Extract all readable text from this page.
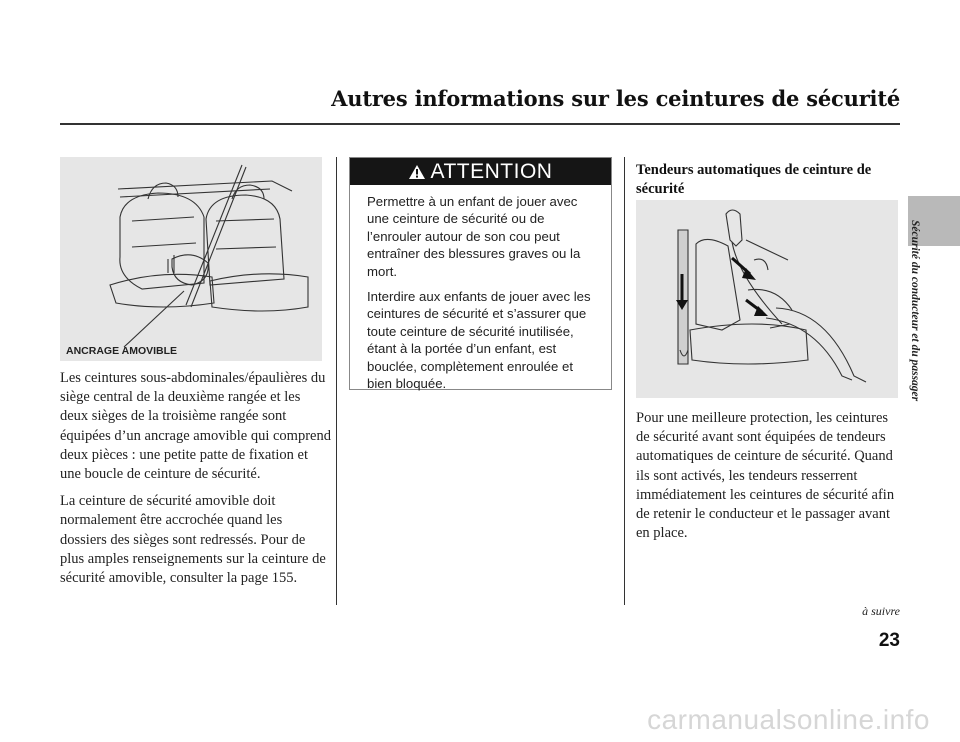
Autres informations sur les ceintures de sécurité
ANCRAGE AMOVIBLE

Les ceintures sous-abdominales/épaulières du siège central de la deuxième rangée et les deux sièges de la troisième rangée sont équipées d’un ancrage amovible qui comprend deux pièces : une petite patte de fixation et une boucle de ceinture de sécurité.

La ceinture de sécurité amovible doit normalement être accrochée quand les dossiers des sièges sont redressés. Pour de plus amples renseignements sur la ceinture de sécurité amovible, consulter la page 155.

ATTENTION

Permettre à un enfant de jouer avec une ceinture de sécurité ou de l’enrouler autour de son cou peut entraîner des blessures graves ou la mort.

Interdire aux enfants de jouer avec les ceintures de sécurité et s’assurer que toute ceinture de sécurité inutilisée, étant à la portée d’un enfant, est bouclée, complètement enroulée et bien bloquée.

Tendeurs automatiques de ceinture de sécurité

Pour une meilleure protection, les ceintures de sécurité avant sont équipées de tendeurs automatiques de ceinture de sécurité. Quand ils sont activés, les tendeurs resserrent immédiatement les ceintures de sécurité afin de retenir le conducteur et le passager avant en place.

Sécurité du conducteur et du passager
à suivre
23
carmanualsonline.info
